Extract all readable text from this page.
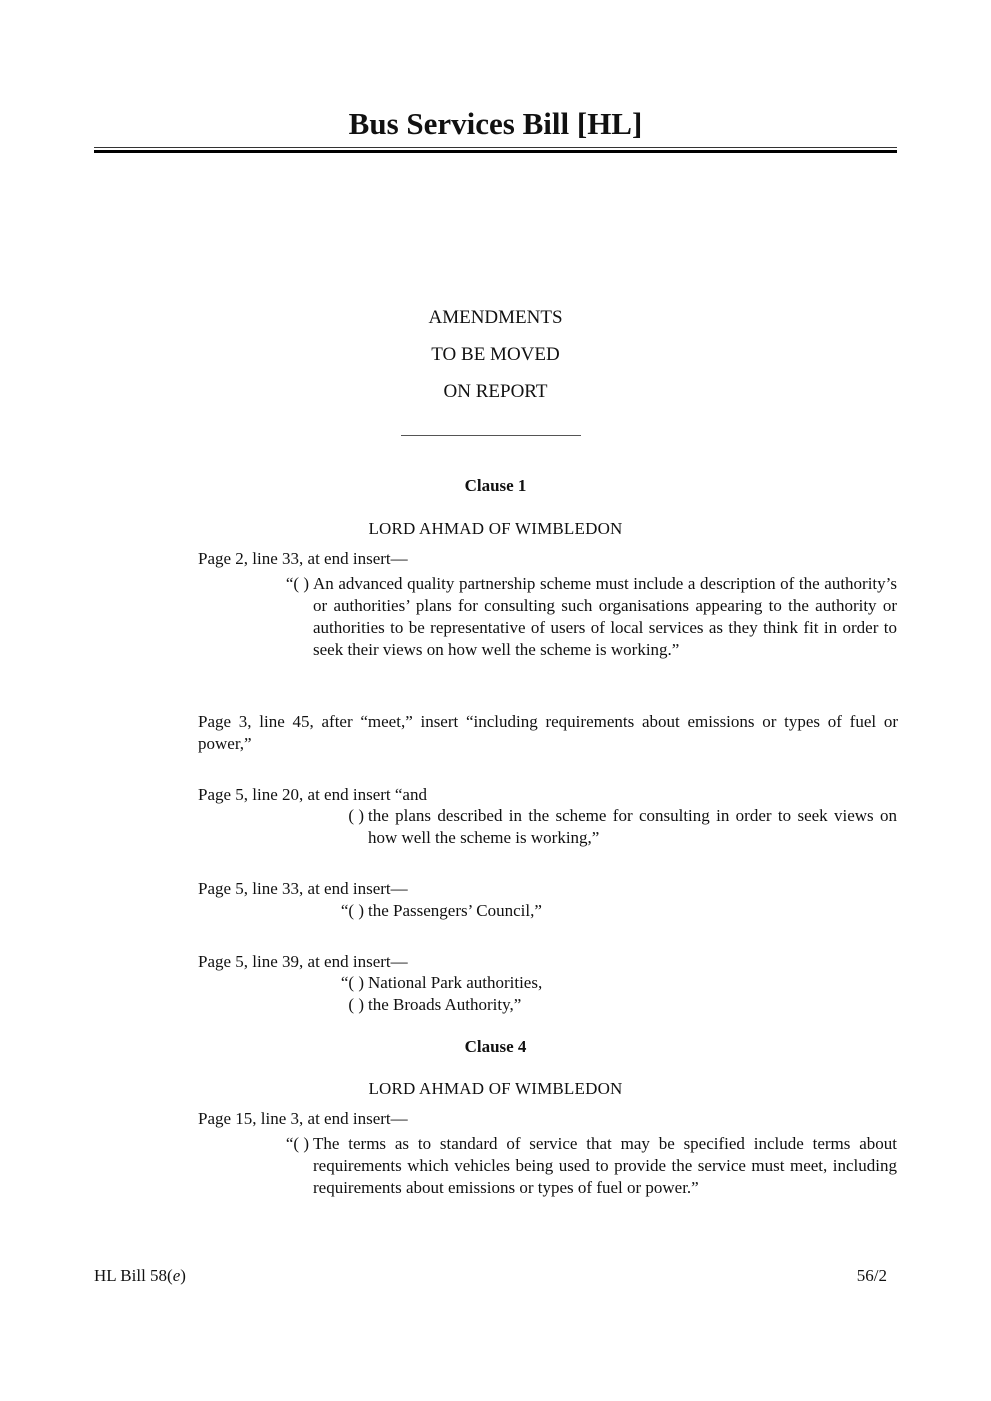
Bus Services Bill [HL]
AMENDMENTS
TO BE MOVED
ON REPORT
Clause 1
LORD AHMAD OF WIMBLEDON
Page 2, line 33, at end insert—
“( ) An advanced quality partnership scheme must include a description of the authority’s or authorities’ plans for consulting such organisations appearing to the authority or authorities to be representative of users of local services as they think fit in order to seek their views on how well the scheme is working.”
Page 3, line 45, after “meet,” insert “including requirements about emissions or types of fuel or power,”
Page 5, line 20, at end insert “and
( ) the plans described in the scheme for consulting in order to seek views on how well the scheme is working,”
Page 5, line 33, at end insert—
“( ) the Passengers’ Council,”
Page 5, line 39, at end insert—
“( ) National Park authorities,
( ) the Broads Authority,”
Clause 4
LORD AHMAD OF WIMBLEDON
Page 15, line 3, at end insert—
“( ) The terms as to standard of service that may be specified include terms about requirements which vehicles being used to provide the service must meet, including requirements about emissions or types of fuel or power.”
HL Bill 58(e)	56/2
